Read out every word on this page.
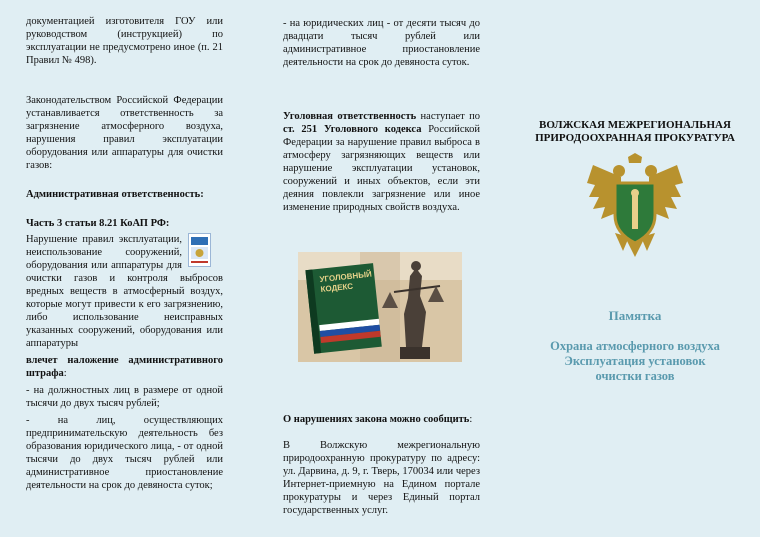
документацией изготовителя ГОУ или руководством (инструкцией) по эксплуатации не предусмотрено иное (п. 21 Правил № 498).

Законодательством Российской Федерации устанавливается ответственность за загрязнение атмосферного воздуха, нарушения правил эксплуатации оборудования или аппаратуры для очистки газов:

Административная ответственность:

Часть 3 статьи 8.21 КоАП РФ:

Нарушение правил эксплуатации, неиспользование сооружений, оборудования или аппаратуры для очистки газов и контроля выбросов вредных веществ в атмосферный воздух, которые могут привести к его загрязнению, либо использование неисправных указанных сооружений, оборудования или аппаратуры

влечет наложение административного штрафа:

- на должностных лиц в размере от одной тысячи до двух тысяч рублей;

- на лиц, осуществляющих предпринимательскую деятельность без образования юридического лица, - от одной тысячи до двух тысяч рублей или административное приостановление деятельности на срок до девяноста суток;

- на юридических лиц - от десяти тысяч до двадцати тысяч рублей или административное приостановление деятельности на срок до девяноста суток.

Уголовная ответственность наступает по ст. 251 Уголовного кодекса Российской Федерации за нарушение правил выброса в атмосферу загрязняющих веществ или нарушение эксплуатации установок, сооружений и иных объектов, если эти деяния повлекли загрязнение или иное изменение природных свойств воздуха.

УГОЛОВНЫЙ КОДЕКС

О нарушениях закона можно сообщить:

В Волжскую межрегиональную природоохранную прокуратуру по адресу: ул. Дарвина, д. 9, г. Тверь, 170034 или через Интернет-приемную на Едином портале прокуратуры и через Единый портал государственных услуг.

ВОЛЖСКАЯ МЕЖРЕГИОНАЛЬНАЯ
ПРИРОДООХРАННАЯ ПРОКУРАТУРА
Памятка
Охрана атмосферного воздуха
Эксплуатация установок
очистки газов
